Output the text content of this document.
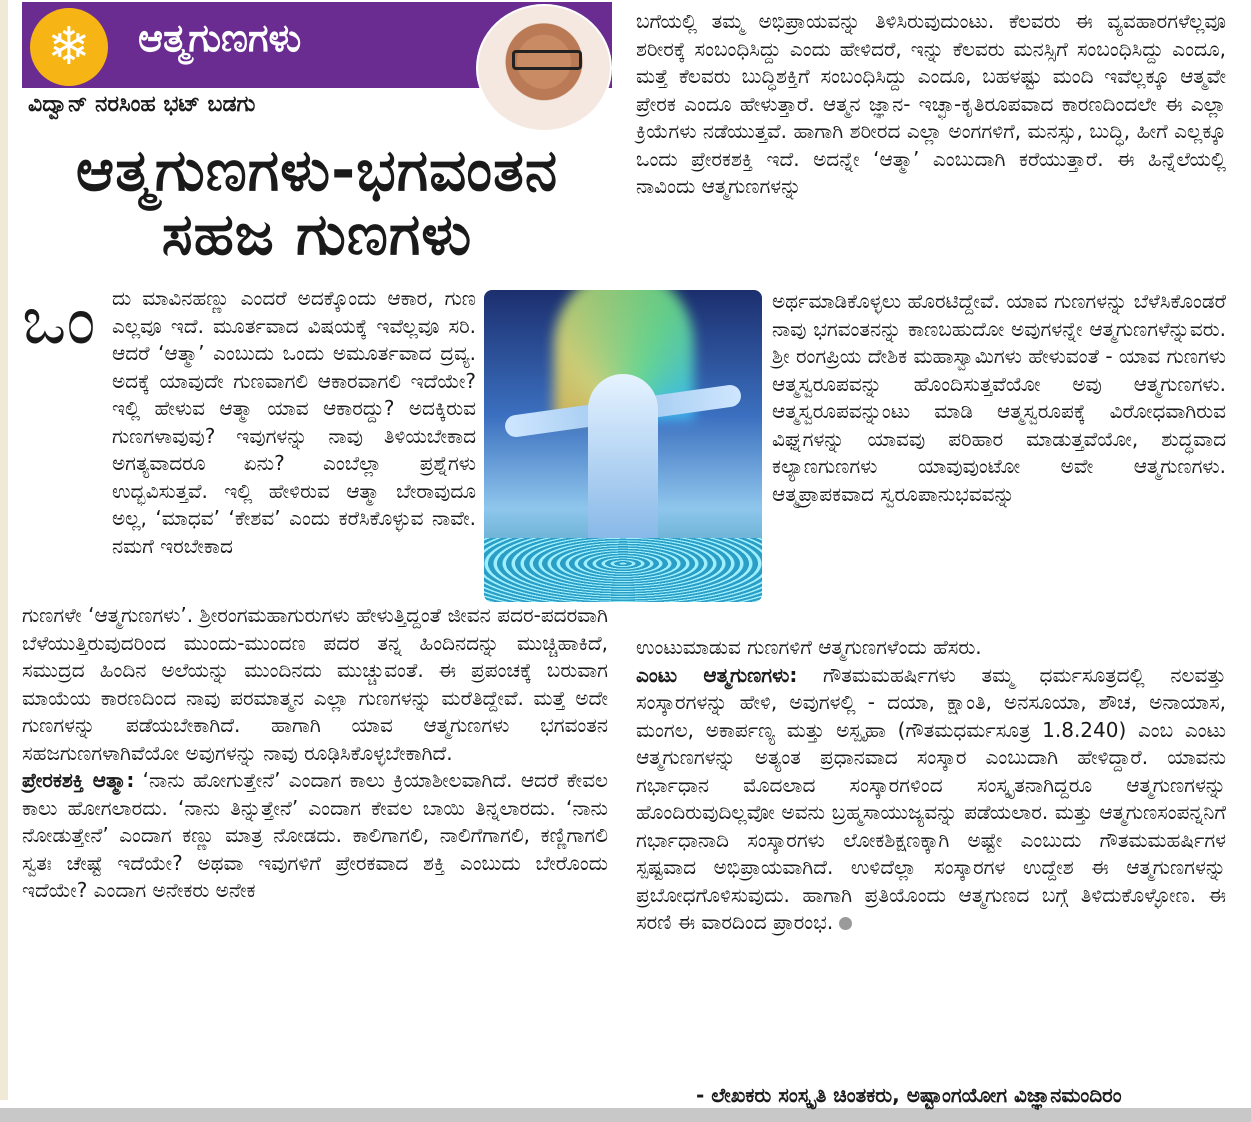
❄	ಆತ್ಮಗುಣಗಳು
ವಿದ್ವಾನ್ ನರಸಿಂಹ ಭಟ್ ಬಡಗು
ಆತ್ಮಗುಣಗಳು-ಭಗವಂತನ
ಸಹಜ ಗುಣಗಳು
ಒಂ ದು ಮಾವಿನಹಣ್ಣು ಎಂದರೆ ಅದಕ್ಕೊಂದು ಆಕಾರ, ಗುಣ ಎಲ್ಲವೂ ಇದೆ. ಮೂರ್ತವಾದ ವಿಷಯಕ್ಕೆ ಇವೆಲ್ಲವೂ ಸರಿ. ಆದರೆ ‘ಆತ್ಮಾ’ ಎಂಬುದು ಒಂದು ಅಮೂರ್ತವಾದ ದ್ರವ್ಯ. ಅದಕ್ಕೆ ಯಾವುದೇ ಗುಣವಾಗಲಿ ಆಕಾರವಾಗಲಿ ಇದೆಯೇ? ಇಲ್ಲಿ ಹೇಳುವ ಆತ್ಮಾ ಯಾವ ಆಕಾರದ್ದು? ಅದಕ್ಕಿರುವ ಗುಣಗಳಾವುವು? ಇವುಗಳನ್ನು ನಾವು ತಿಳಿಯಬೇಕಾದ ಅಗತ್ಯವಾದರೂ ಏನು? ಎಂಬೆಲ್ಲಾ ಪ್ರಶ್ನೆಗಳು ಉದ್ಭವಿಸುತ್ತವೆ. ಇಲ್ಲಿ ಹೇಳಿರುವ ಆತ್ಮಾ ಬೇರಾವುದೂ ಅಲ್ಲ, ‘ಮಾಧವ’ ‘ಕೇಶವ’ ಎಂದು ಕರೆಸಿಕೊಳ್ಳುವ ನಾವೇ. ನಮಗೆ ಇರಬೇಕಾದ

ಗುಣಗಳೇ ‘ಆತ್ಮಗುಣಗಳು’. ಶ್ರೀರಂಗಮಹಾಗುರುಗಳು ಹೇಳುತ್ತಿದ್ದಂತೆ ಜೀವನ ಪದರ-ಪದರವಾಗಿ ಬೆಳೆಯುತ್ತಿರುವುದರಿಂದ ಮುಂದು-ಮುಂದಣ ಪದರ ತನ್ನ ಹಿಂದಿನದನ್ನು ಮುಚ್ಚಿಹಾಕಿದೆ, ಸಮುದ್ರದ ಹಿಂದಿನ ಅಲೆಯನ್ನು ಮುಂದಿನದು ಮುಚ್ಚುವಂತೆ. ಈ ಪ್ರಪಂಚಕ್ಕೆ ಬರುವಾಗ ಮಾಯೆಯ ಕಾರಣದಿಂದ ನಾವು ಪರಮಾತ್ಮನ ಎಲ್ಲಾ ಗುಣಗಳನ್ನು ಮರೆತಿದ್ದೇವೆ. ಮತ್ತೆ ಅದೇ ಗುಣಗಳನ್ನು ಪಡೆಯಬೇಕಾಗಿದೆ. ಹಾಗಾಗಿ ಯಾವ ಆತ್ಮಗುಣಗಳು ಭಗವಂತನ ಸಹಜಗುಣಗಳಾಗಿವೆಯೋ ಅವುಗಳನ್ನು ನಾವು ರೂಢಿಸಿಕೊಳ್ಳಬೇಕಾಗಿದೆ.

ಪ್ರೇರಕಶಕ್ತಿ ಆತ್ಮಾ: ‘ನಾನು ಹೋಗುತ್ತೇನೆ’ ಎಂದಾಗ ಕಾಲು ಕ್ರಿಯಾಶೀಲವಾಗಿದೆ. ಆದರೆ ಕೇವಲ ಕಾಲು ಹೋಗಲಾರದು. ‘ನಾನು ತಿನ್ನುತ್ತೇನೆ’ ಎಂದಾಗ ಕೇವಲ ಬಾಯಿ ತಿನ್ನಲಾರದು. ‘ನಾನು ನೋಡುತ್ತೇನೆ’ ಎಂದಾಗ ಕಣ್ಣು ಮಾತ್ರ ನೋಡದು. ಕಾಲಿಗಾಗಲಿ, ನಾಲಿಗೆಗಾಗಲಿ, ಕಣ್ಣಿಗಾಗಲಿ ಸ್ವತಃ ಚೇಷ್ಟೆ ಇದೆಯೇ? ಅಥವಾ ಇವುಗಳಿಗೆ ಪ್ರೇರಕವಾದ ಶಕ್ತಿ ಎಂಬುದು ಬೇರೊಂದು ಇದೆಯೇ? ಎಂದಾಗ ಅನೇಕರು ಅನೇಕ

ಬಗೆಯಲ್ಲಿ ತಮ್ಮ ಅಭಿಪ್ರಾಯವನ್ನು ತಿಳಿಸಿರುವುದುಂಟು. ಕೆಲವರು ಈ ವ್ಯವಹಾರಗಳೆಲ್ಲವೂ ಶರೀರಕ್ಕೆ ಸಂಬಂಧಿಸಿದ್ದು ಎಂದು ಹೇಳಿದರೆ, ಇನ್ನು ಕೆಲವರು ಮನಸ್ಸಿಗೆ ಸಂಬಂಧಿಸಿದ್ದು ಎಂದೂ, ಮತ್ತೆ ಕೆಲವರು ಬುದ್ಧಿಶಕ್ತಿಗೆ ಸಂಬಂಧಿಸಿದ್ದು ಎಂದೂ, ಬಹಳಷ್ಟು ಮಂದಿ ಇವೆಲ್ಲಕ್ಕೂ ಆತ್ಮವೇ ಪ್ರೇರಕ ಎಂದೂ ಹೇಳುತ್ತಾರೆ. ಆತ್ಮನ ಜ್ಞಾನ- ಇಚ್ಛಾ-ಕೃತಿರೂಪವಾದ ಕಾರಣದಿಂದಲೇ ಈ ಎಲ್ಲಾ ಕ್ರಿಯೆಗಳು ನಡೆಯುತ್ತವೆ. ಹಾಗಾಗಿ ಶರೀರದ ಎಲ್ಲಾ ಅಂಗಗಳಿಗೆ, ಮನಸ್ಸು, ಬುದ್ಧಿ, ಹೀಗೆ ಎಲ್ಲಕ್ಕೂ ಒಂದು ಪ್ರೇರಕಶಕ್ತಿ ಇದೆ. ಅದನ್ನೇ ‘ಆತ್ಮಾ’ ಎಂಬುದಾಗಿ ಕರೆಯುತ್ತಾರೆ. ಈ ಹಿನ್ನೆಲೆಯಲ್ಲಿ ನಾವಿಂದು ಆತ್ಮಗುಣಗಳನ್ನು

ಅರ್ಥಮಾಡಿಕೊಳ್ಳಲು ಹೊರಟಿದ್ದೇವೆ. ಯಾವ ಗುಣಗಳನ್ನು ಬೆಳೆಸಿಕೊಂಡರೆ ನಾವು ಭಗವಂತನನ್ನು ಕಾಣಬಹುದೋ ಅವುಗಳನ್ನೇ ಆತ್ಮಗುಣಗಳೆನ್ನುವರು. ಶ್ರೀ ರಂಗಪ್ರಿಯ ದೇಶಿಕ ಮಹಾಸ್ವಾಮಿಗಳು ಹೇಳುವಂತೆ - ಯಾವ ಗುಣಗಳು ಆತ್ಮಸ್ವರೂಪವನ್ನು ಹೊಂದಿಸುತ್ತವೆಯೋ ಅವು ಆತ್ಮಗುಣಗಳು. ಆತ್ಮಸ್ವರೂಪವನ್ನುಂಟು ಮಾಡಿ ಆತ್ಮಸ್ವರೂಪಕ್ಕೆ ವಿರೋಧವಾಗಿರುವ ವಿಘ್ನಗಳನ್ನು ಯಾವವು ಪರಿಹಾರ ಮಾಡುತ್ತವೆಯೋ, ಶುದ್ಧವಾದ ಕಲ್ಯಾಣಗುಣಗಳು ಯಾವುವುಂಟೋ ಅವೇ ಆತ್ಮಗುಣಗಳು. ಆತ್ಮಪ್ರಾಪಕವಾದ ಸ್ವರೂಪಾನುಭವವನ್ನು

ಉಂಟುಮಾಡುವ ಗುಣಗಳಿಗೆ ಆತ್ಮಗುಣಗಳೆಂದು ಹೆಸರು.

ಎಂಟು ಆತ್ಮಗುಣಗಳು: ಗೌತಮಮಹರ್ಷಿಗಳು ತಮ್ಮ ಧರ್ಮಸೂತ್ರದಲ್ಲಿ ನಲವತ್ತು ಸಂಸ್ಕಾರಗಳನ್ನು ಹೇಳಿ, ಅವುಗಳಲ್ಲಿ - ದಯಾ, ಕ್ಷಾಂತಿ, ಅನಸೂಯಾ, ಶೌಚ, ಅನಾಯಾಸ, ಮಂಗಲ, ಅಕಾರ್ಪಣ್ಯ ಮತ್ತು ಅಸ್ಪೃಹಾ (ಗೌತಮಧರ್ಮಸೂತ್ರ 1.8.240) ಎಂಬ ಎಂಟು ಆತ್ಮಗುಣಗಳನ್ನು ಅತ್ಯಂತ ಪ್ರಧಾನವಾದ ಸಂಸ್ಕಾರ ಎಂಬುದಾಗಿ ಹೇಳಿದ್ದಾರೆ. ಯಾವನು ಗರ್ಭಾಧಾನ ಮೊದಲಾದ ಸಂಸ್ಕಾರಗಳಿಂದ ಸಂಸ್ಕೃತನಾಗಿದ್ದರೂ ಆತ್ಮಗುಣಗಳನ್ನು ಹೊಂದಿರುವುದಿಲ್ಲವೋ ಅವನು ಬ್ರಹ್ಮಸಾಯುಜ್ಯವನ್ನು ಪಡೆಯಲಾರ. ಮತ್ತು ಆತ್ಮಗುಣಸಂಪನ್ನನಿಗೆ ಗರ್ಭಾಧಾನಾದಿ ಸಂಸ್ಕಾರಗಳು ಲೋಕಶಿಕ್ಷಣಕ್ಕಾಗಿ ಅಷ್ಟೇ ಎಂಬುದು ಗೌತಮಮಹರ್ಷಿಗಳ ಸ್ಪಷ್ಟವಾದ ಅಭಿಪ್ರಾಯವಾಗಿದೆ. ಉಳಿದೆಲ್ಲಾ ಸಂಸ್ಕಾರಗಳ ಉದ್ದೇಶ ಈ ಆತ್ಮಗುಣಗಳನ್ನು ಪ್ರಬೋಧಗೊಳಿಸುವುದು. ಹಾಗಾಗಿ ಪ್ರತಿಯೊಂದು ಆತ್ಮಗುಣದ ಬಗ್ಗೆ ತಿಳಿದುಕೊಳ್ಳೋಣ. ಈ ಸರಣಿ ಈ ವಾರದಿಂದ ಪ್ರಾರಂಭ.

- ಲೇಖಕರು ಸಂಸ್ಕೃತಿ ಚಿಂತಕರು, ಅಷ್ಟಾಂಗಯೋಗ ವಿಜ್ಞಾನಮಂದಿರಂ
